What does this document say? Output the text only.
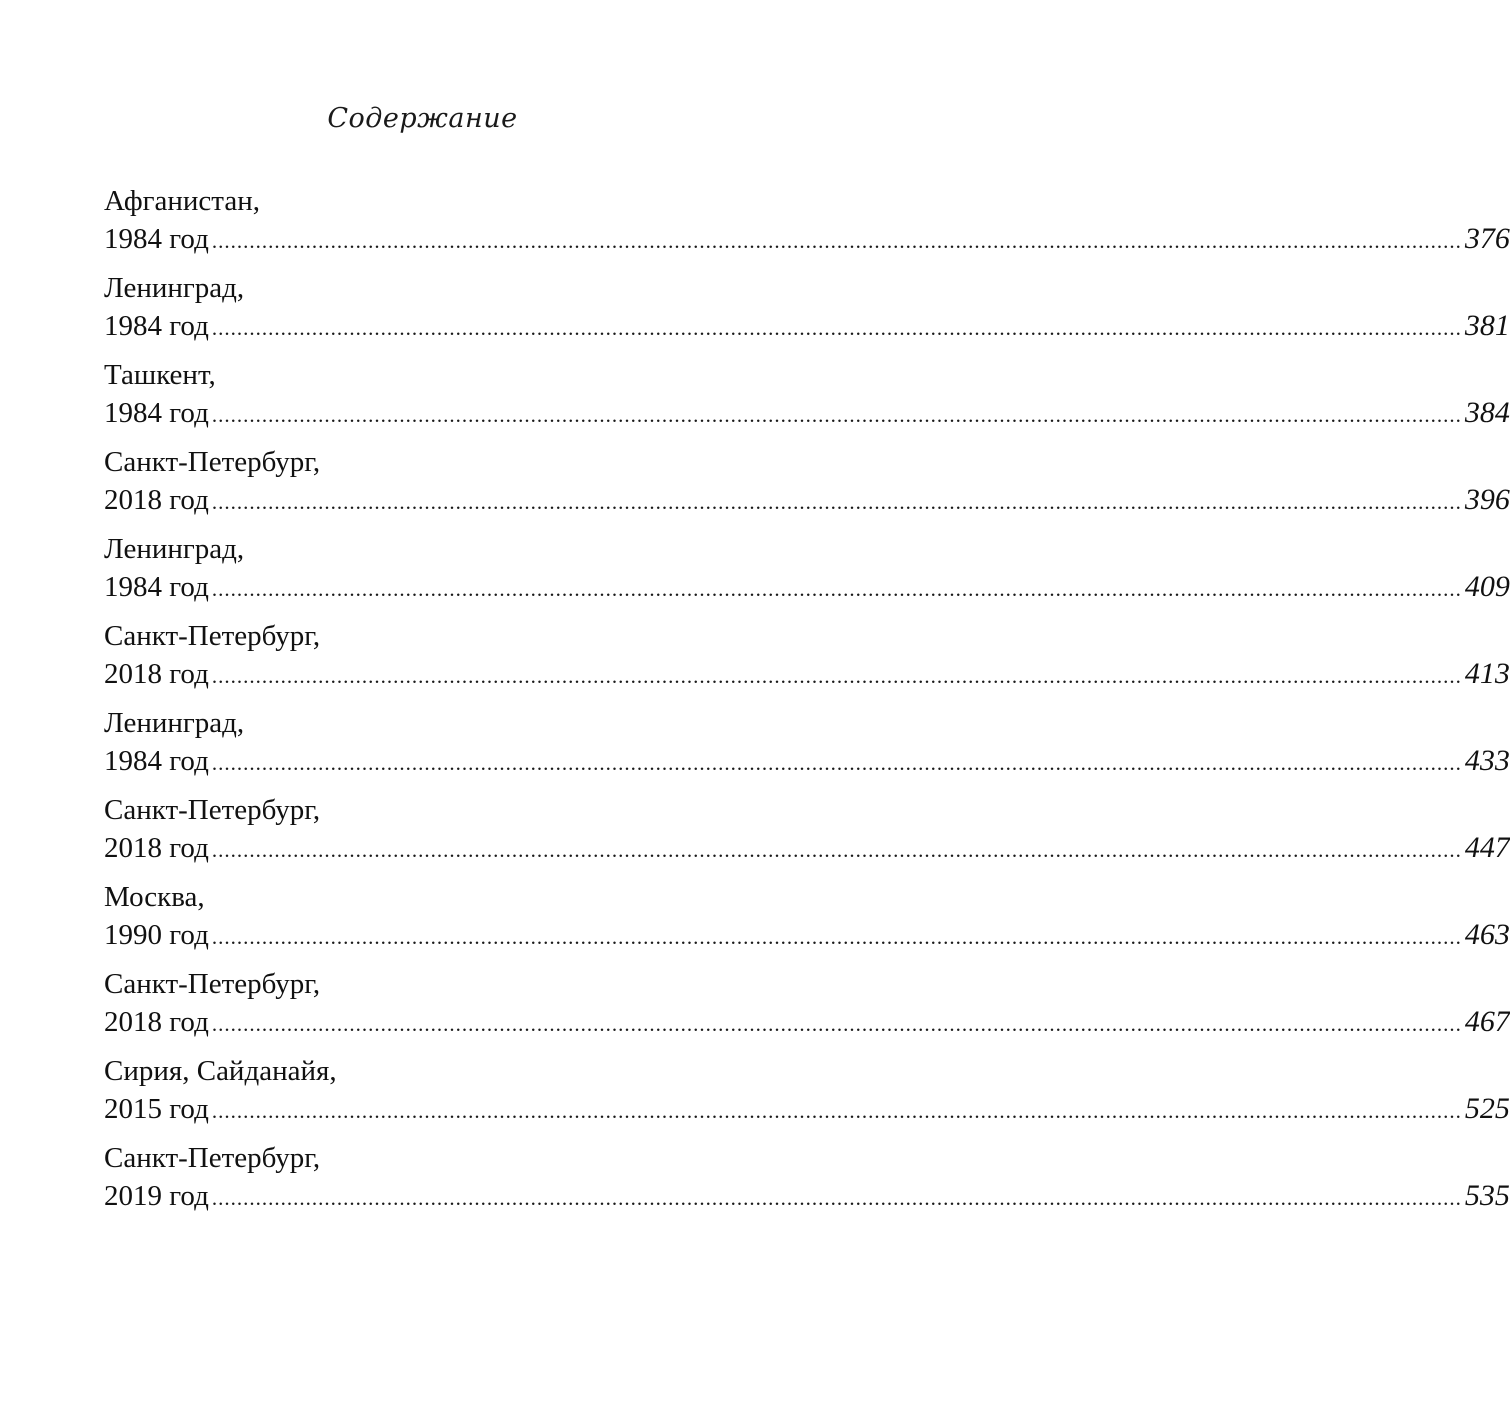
Содержание
Афганистан,
1984 год ........................................................................................................................................................................................................ 376
Ленинград,
1984 год ........................................................................................................................................................................................................ 381
Ташкент,
1984 год ........................................................................................................................................................................................................ 384
Санкт-Петербург,
2018 год ........................................................................................................................................................................................................ 396
Ленинград,
1984 год ........................................................................................................................................................................................................ 409
Санкт-Петербург,
2018 год ........................................................................................................................................................................................................ 413
Ленинград,
1984 год ........................................................................................................................................................................................................ 433
Санкт-Петербург,
2018 год ........................................................................................................................................................................................................ 447
Москва,
1990 год ........................................................................................................................................................................................................ 463
Санкт-Петербург,
2018 год ........................................................................................................................................................................................................ 467
Сирия, Сайданайя,
2015 год ........................................................................................................................................................................................................ 525
Санкт-Петербург,
2019 год ........................................................................................................................................................................................................ 535
